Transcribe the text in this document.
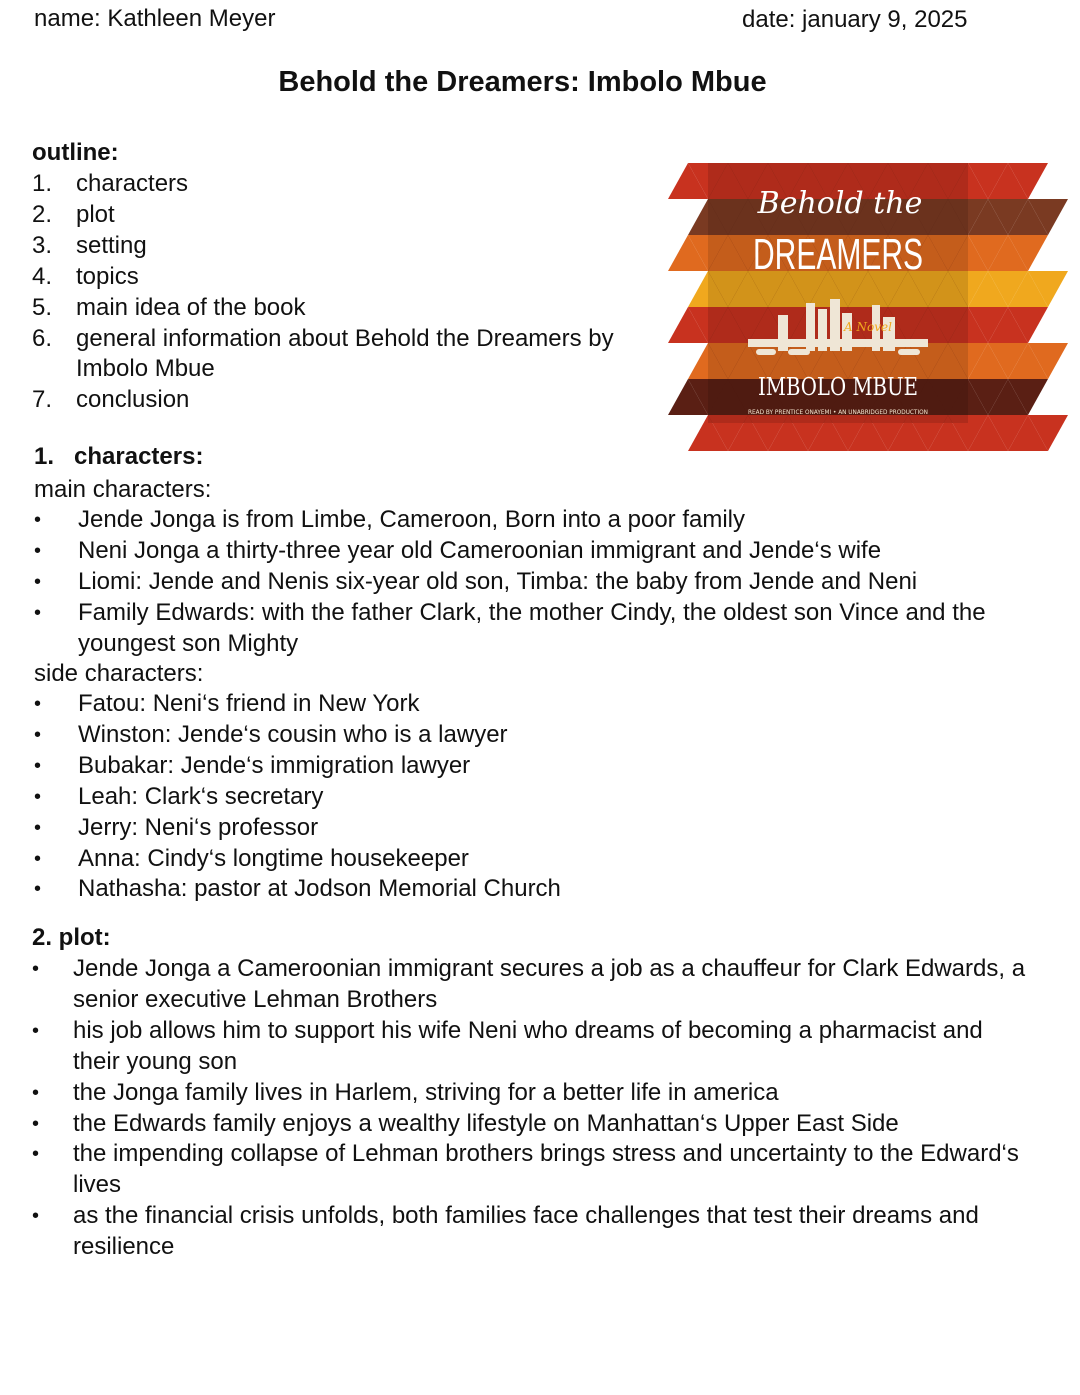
name: Kathleen Meyer	date: january 9, 2025
Behold the Dreamers: Imbolo Mbue
outline:
1. characters
2. plot
3. setting
4. topics
5. main idea of the book
6. general information about Behold the Dreamers by Imbolo Mbue
7. conclusion
Behold the
DREAMERS
A Novel
IMBOLO MBUE
READ BY PRENTICE ONAYEMI • AN UNABRIDGED PRODUCTION
1. characters:
main characters:
• Jende Jonga is from Limbe, Cameroon, Born into a poor family
• Neni Jonga a thirty-three year old Cameroonian immigrant and Jende‘s wife
• Liomi: Jende and Nenis six-year old son, Timba: the baby from Jende and Neni
• Family Edwards: with the father Clark, the mother Cindy, the oldest son Vince and the youngest son Mighty
side characters:
• Fatou: Neni‘s friend in New York
• Winston: Jende‘s cousin who is a lawyer
• Bubakar: Jende‘s immigration lawyer
• Leah: Clark‘s secretary
• Jerry: Neni‘s professor
• Anna: Cindy‘s longtime housekeeper
• Nathasha: pastor at Jodson Memorial Church
2. plot:
• Jende Jonga a Cameroonian immigrant secures a job as a chauffeur for Clark Edwards, a senior executive Lehman Brothers
• his job allows him to support his wife Neni who dreams of becoming a pharmacist and their young son
• the Jonga family lives in Harlem, striving for a better life in america
• the Edwards family enjoys a wealthy lifestyle on Manhattan‘s Upper East Side
• the impending collapse of Lehman brothers brings stress and uncertainty to the Edward‘s lives
• as the financial crisis unfolds, both families face challenges that test their dreams and resilience
